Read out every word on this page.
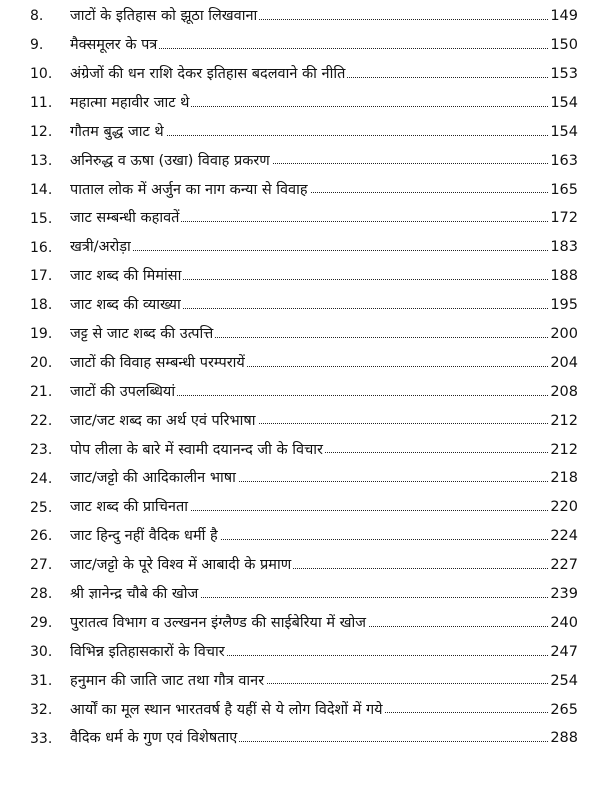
8.	जाटों के इतिहास को झूठा लिखवाना	149
9.	मैक्समूलर के पत्र	150
10.	अंग्रेजों की धन राशि देकर इतिहास बदलवाने की नीति	153
11.	महात्मा महावीर जाट थे	154
12.	गौतम बुद्ध जाट थे	154
13.	अनिरुद्ध व ऊषा (उखा) विवाह प्रकरण	163
14.	पाताल लोक में अर्जुन का नाग कन्या से विवाह	165
15.	जाट सम्बन्धी कहावतें	172
16.	खत्री/अरोड़ा	183
17.	जाट शब्द की मिमांसा	188
18.	जाट शब्द की व्याख्या	195
19.	जट्ट से जाट शब्द की उत्पत्ति	200
20.	जाटों की विवाह सम्बन्धी परम्परायें	204
21.	जाटों की उपलब्धियां	208
22.	जाट/जट शब्द का अर्थ एवं परिभाषा	212
23.	पोप लीला के बारे में स्वामी दयानन्द जी के विचार	212
24.	जाट/जट्टो की आदिकालीन भाषा	218
25.	जाट शब्द की प्राचिनता	220
26.	जाट हिन्दु नहीं वैदिक धर्मी है	224
27.	जाट/जट्टो के पूरे विश्व में आबादी के प्रमाण	227
28.	श्री ज्ञानेन्द्र चौबे की खोज	239
29.	पुरातत्व विभाग व उल्खनन इंग्लैण्ड की साईबेरिया में खोज	240
30.	विभिन्न इतिहासकारों के विचार	247
31.	हनुमान की जाति जाट तथा गौत्र वानर	254
32.	आर्यों का मूल स्थान भारतवर्ष है यहीं से ये लोग विदेशों में गये	265
33.	वैदिक धर्म के गुण एवं विशेषताए	288
